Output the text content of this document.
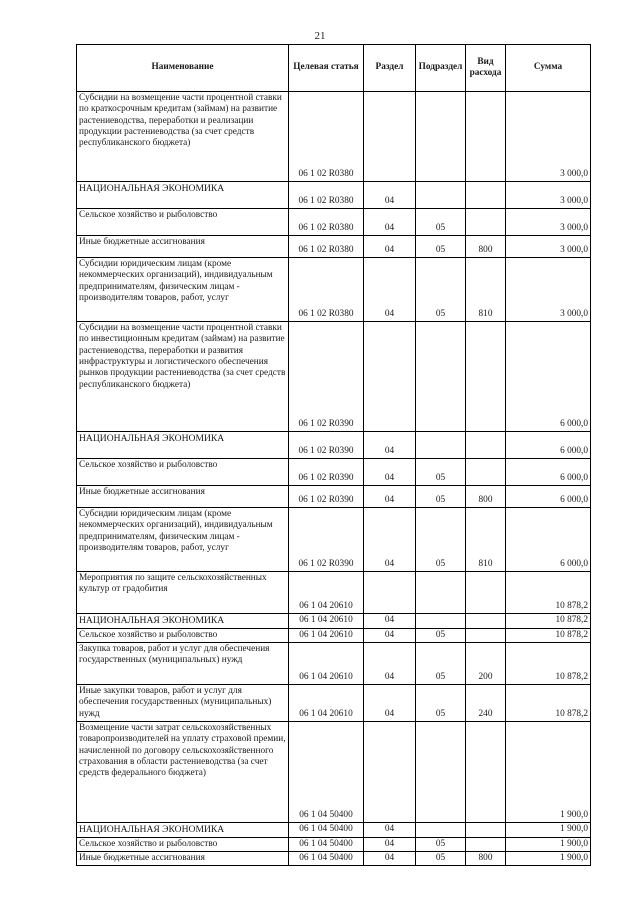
21
Наименование	Целевая статья	Раздел	Подраздел	Вид расхода	Сумма
Субсидии на возмещение части процентной ставки по краткосрочным кредитам (займам) на развитие растениеводства, переработки и реализации продукции растениеводства (за счет средств республиканского бюджета)	06 1 02 R0380				3 000,0
НАЦИОНАЛЬНАЯ ЭКОНОМИКА	06 1 02 R0380	04			3 000,0
Сельское хозяйство и рыболовство	06 1 02 R0380	04	05		3 000,0
Иные бюджетные ассигнования	06 1 02 R0380	04	05	800	3 000,0
Субсидии юридическим лицам (кроме некоммерческих организаций), индивидуальным предпринимателям, физическим лицам - производителям товаров, работ, услуг	06 1 02 R0380	04	05	810	3 000,0
Субсидии на возмещение части процентной ставки по инвестиционным кредитам (займам) на развитие растениеводства, переработки и развития инфраструктуры и логистического обеспечения рынков продукции растениеводства (за счет средств республиканского бюджета)	06 1 02 R0390				6 000,0
НАЦИОНАЛЬНАЯ ЭКОНОМИКА	06 1 02 R0390	04			6 000,0
Сельское хозяйство и рыболовство	06 1 02 R0390	04	05		6 000,0
Иные бюджетные ассигнования	06 1 02 R0390	04	05	800	6 000,0
Субсидии юридическим лицам (кроме некоммерческих организаций), индивидуальным предпринимателям, физическим лицам - производителям товаров, работ, услуг	06 1 02 R0390	04	05	810	6 000,0
Мероприятия по защите сельскохозяйственных культур от градобития	06 1 04 20610				10 878,2
НАЦИОНАЛЬНАЯ ЭКОНОМИКА	06 1 04 20610	04			10 878,2
Сельское хозяйство и рыболовство	06 1 04 20610	04	05		10 878,2
Закупка товаров, работ и услуг для обеспечения государственных (муниципальных) нужд	06 1 04 20610	04	05	200	10 878,2
Иные закупки товаров, работ и услуг для обеспечения государственных (муниципальных) нужд	06 1 04 20610	04	05	240	10 878,2
Возмещение части затрат сельскохозяйственных товаропроизводителей на уплату страховой премии, начисленной по договору сельскохозяйственного страхования в области растениеводства (за счет средств федерального бюджета)	06 1 04 50400				1 900,0
НАЦИОНАЛЬНАЯ ЭКОНОМИКА	06 1 04 50400	04			1 900,0
Сельское хозяйство и рыболовство	06 1 04 50400	04	05		1 900,0
Иные бюджетные ассигнования	06 1 04 50400	04	05	800	1 900,0
